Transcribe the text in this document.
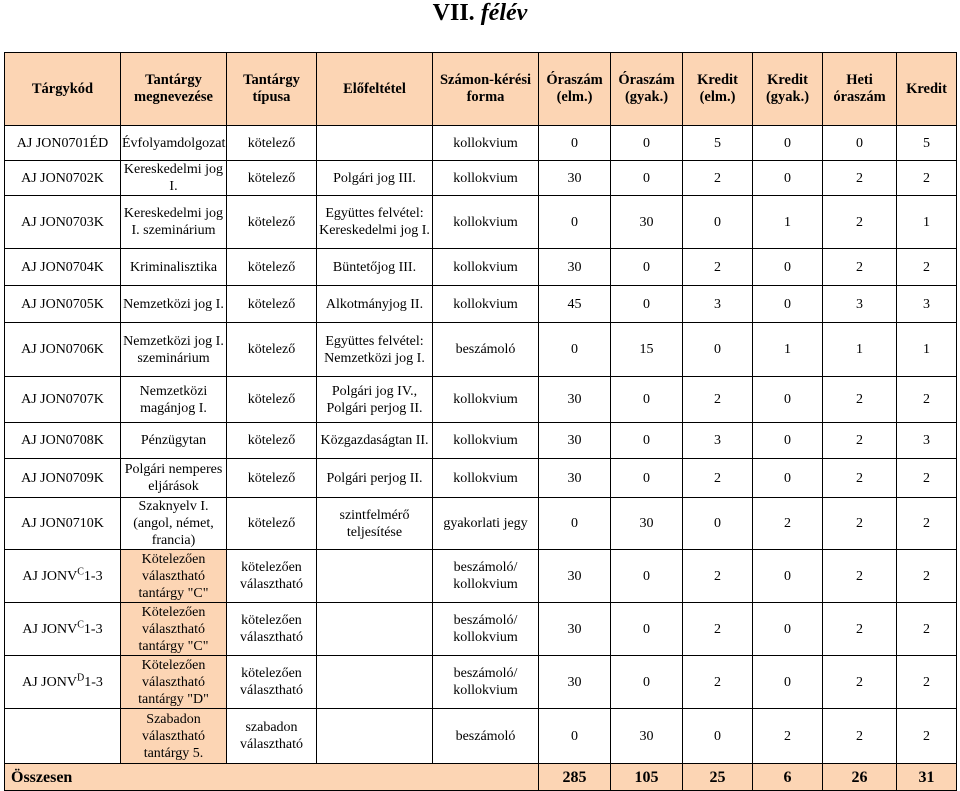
VII. félév
Tárgykód	Tantárgy megnevezése	Tantárgy típusa	Előfeltétel	Számon-kérési forma	Óraszám (elm.)	Óraszám (gyak.)	Kredit (elm.)	Kredit (gyak.)	Heti óraszám	Kredit
AJ JON0701ÉD	Évfolyamdolgozat	kötelező		kollokvium	0	0	5	0	0	5
AJ JON0702K	Kereskedelmi jog I.	kötelező	Polgári jog III.	kollokvium	30	0	2	0	2	2
AJ JON0703K	Kereskedelmi jog I. szeminárium	kötelező	Együttes felvétel: Kereskedelmi jog I.	kollokvium	0	30	0	1	2	1
AJ JON0704K	Kriminalisztika	kötelező	Büntetőjog III.	kollokvium	30	0	2	0	2	2
AJ JON0705K	Nemzetközi jog I.	kötelező	Alkotmányjog II.	kollokvium	45	0	3	0	3	3
AJ JON0706K	Nemzetközi jog I. szeminárium	kötelező	Együttes felvétel: Nemzetközi jog I.	beszámoló	0	15	0	1	1	1
AJ JON0707K	Nemzetközi magánjog I.	kötelező	Polgári jog IV., Polgári perjog II.	kollokvium	30	0	2	0	2	2
AJ JON0708K	Pénzügytan	kötelező	Közgazdaságtan II.	kollokvium	30	0	3	0	2	3
AJ JON0709K	Polgári nemperes eljárások	kötelező	Polgári perjog II.	kollokvium	30	0	2	0	2	2
AJ JON0710K	Szaknyelv I. (angol, német, francia)	kötelező	szintfelmérő teljesítése	gyakorlati jegy	0	30	0	2	2	2
AJ $JONV^C1-3$	Kötelezően választható tantárgy "C"	kötelezően választható		beszámoló/ kollokvium	30	0	2	0	2	2
AJ $JONV^C1-3$	Kötelezően választható tantárgy "C"	kötelezően választható		beszámoló/ kollokvium	30	0	2	0	2	2
AJ $JONV^D1-3$	Kötelezően választható tantárgy "D"	kötelezően választható		beszámoló/ kollokvium	30	0	2	0	2	2
	Szabadon választható tantárgy 5.	szabadon választható		beszámoló	0	30	0	2	2	2
Összesen					285	105	25	6	26	31
